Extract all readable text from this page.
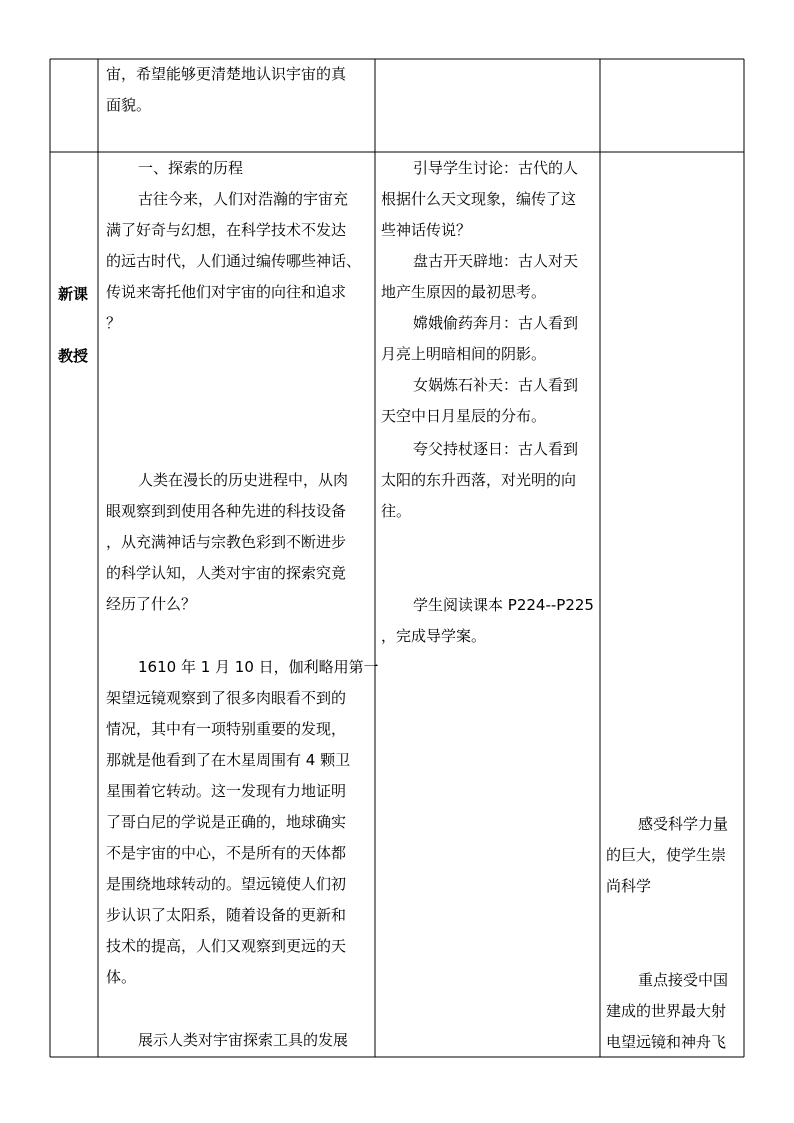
宙，希望能够更清楚地认识宇宙的真
面貌。
新课
教授
一、探索的历程
古往今来，人们对浩瀚的宇宙充
满了好奇与幻想，在科学技术不发达
的远古时代，人们通过编传哪些神话、
传说来寄托他们对宇宙的向往和追求
？
人类在漫长的历史进程中，从肉
眼观察到到使用各种先进的科技设备
，从充满神话与宗教色彩到不断进步
的科学认知，人类对宇宙的探索究竟
经历了什么？
1610 年 1 月 10 日，伽利略用第一
架望远镜观察到了很多肉眼看不到的
情况，其中有一项特别重要的发现，
那就是他看到了在木星周围有 4 颗卫
星围着它转动。这一发现有力地证明
了哥白尼的学说是正确的，地球确实
不是宇宙的中心，不是所有的天体都
是围绕地球转动的。望远镜使人们初
步认识了太阳系，随着设备的更新和
技术的提高，人们又观察到更远的天
体。
展示人类对宇宙探索工具的发展
引导学生讨论：古代的人
根据什么天文现象，编传了这
些神话传说？
盘古开天辟地：古人对天
地产生原因的最初思考。
嫦娥偷药奔月：古人看到
月亮上明暗相间的阴影。
女娲炼石补天：古人看到
天空中日月星辰的分布。
夸父持杖逐日：古人看到
太阳的东升西落，对光明的向
往。
学生阅读课本 P224--P225
，完成导学案。
感受科学力量
的巨大，使学生崇
尚科学
重点接受中国
建成的世界最大射
电望远镜和神舟飞
